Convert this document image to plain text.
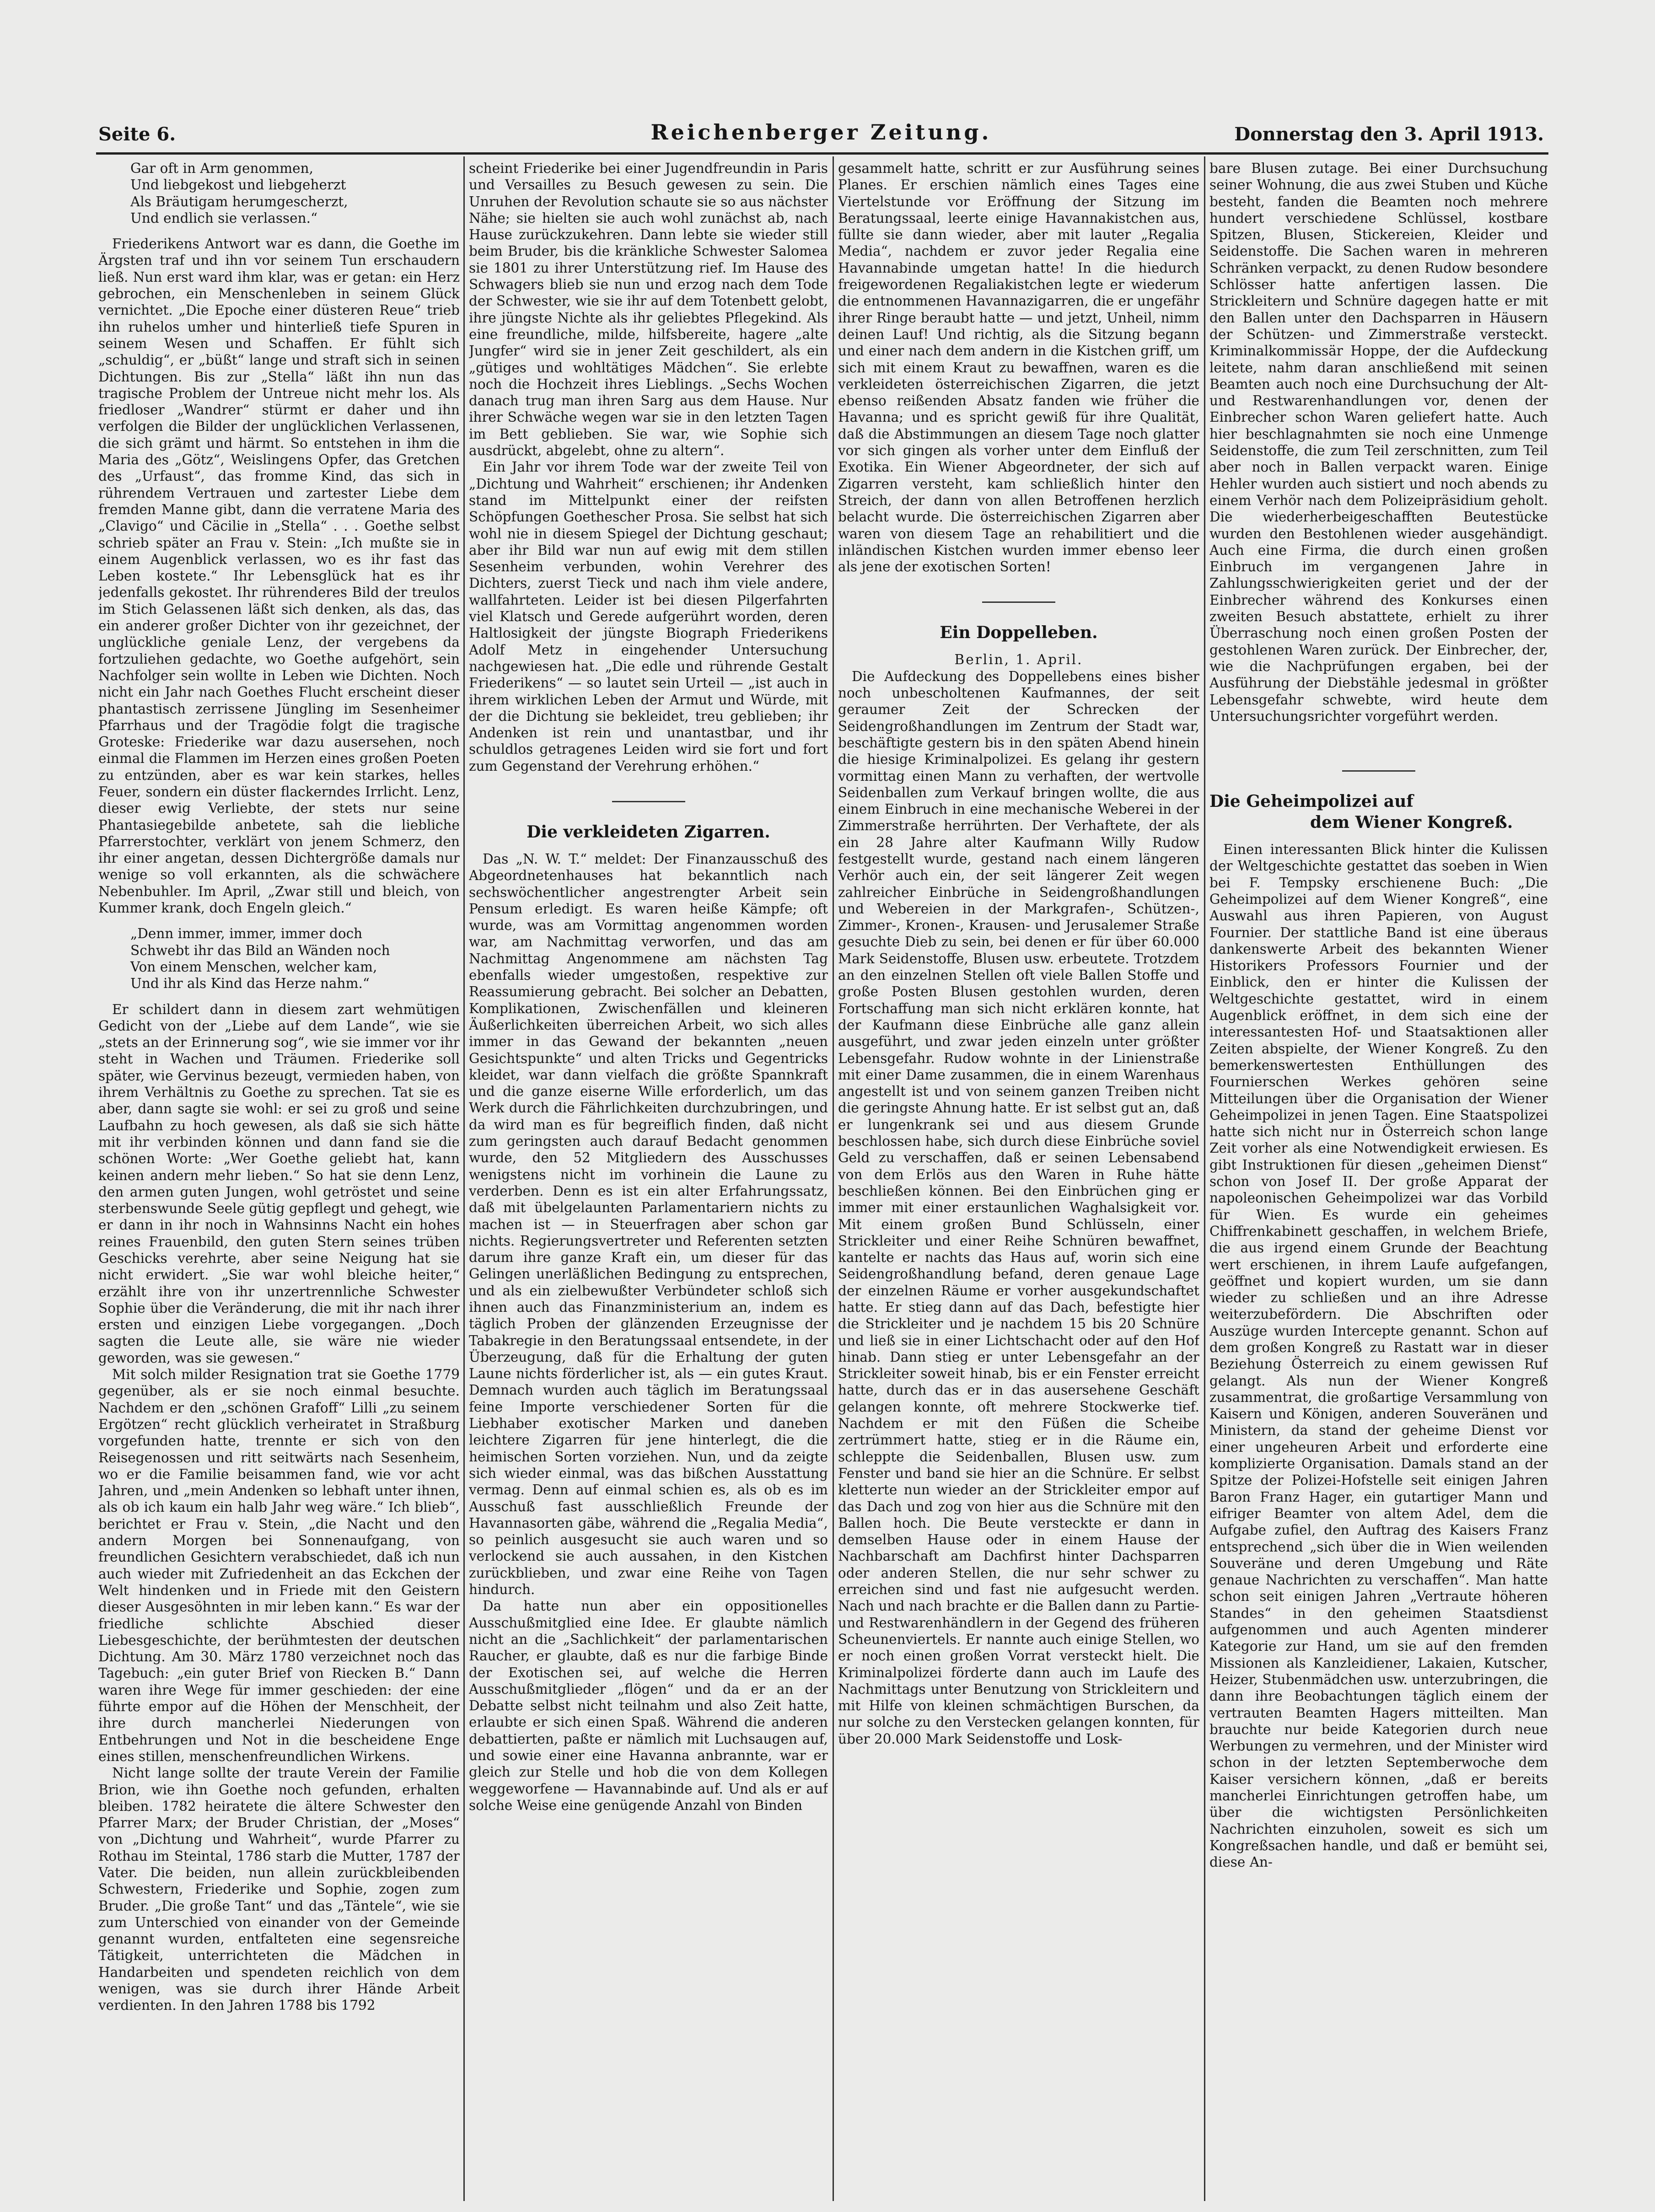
Seite 6.	Reichenberger Zeitung.	Donnerstag den 3. April 1913.
Gar oft in Arm genommen,
Und liebgekost und liebgeherzt
Als Bräutigam herumgescherzt,
Und endlich sie verlassen.“

Friederikens Antwort war es dann, die Goethe im Ärgsten traf und ihn vor seinem Tun erschaudern ließ. Nun erst ward ihm klar, was er getan: ein Herz gebrochen, ein Menschenleben in seinem Glück vernichtet. „Die Epoche einer düsteren Reue“ trieb ihn ruhelos umher und hinterließ tiefe Spuren in seinem Wesen und Schaffen. Er fühlt sich „schuldig“, er „büßt“ lange und straft sich in seinen Dichtungen. Bis zur „Stella“ läßt ihn nun das tragische Problem der Untreue nicht mehr los. Als friedloser „Wandrer“ stürmt er daher und ihn verfolgen die Bilder der unglücklichen Verlassenen, die sich grämt und härmt. So entstehen in ihm die Maria des „Götz“, Weislingens Opfer, das Gretchen des „Urfaust“, das fromme Kind, das sich in rührendem Vertrauen und zartester Liebe dem fremden Manne gibt, dann die verratene Maria des „Clavigo“ und Cäcilie in „Stella“ . . . Goethe selbst schrieb später an Frau v. Stein: „Ich mußte sie in einem Augenblick verlassen, wo es ihr fast das Leben kostete.“ Ihr Lebensglück hat es ihr jedenfalls gekostet. Ihr rührenderes Bild der treulos im Stich Gelassenen läßt sich denken, als das, das ein anderer großer Dichter von ihr gezeichnet, der unglückliche geniale Lenz, der vergebens da fortzuliehen gedachte, wo Goethe aufgehört, sein Nachfolger sein wollte in Leben wie Dichten. Noch nicht ein Jahr nach Goethes Flucht erscheint dieser phantastisch zerrissene Jüngling im Sesenheimer Pfarrhaus und der Tragödie folgt die tragische Groteske: Friederike war dazu ausersehen, noch einmal die Flammen im Herzen eines großen Poeten zu entzünden, aber es war kein starkes, helles Feuer, sondern ein düster flackerndes Irrlicht. Lenz, dieser ewig Verliebte, der stets nur seine Phantasiegebilde anbetete, sah die liebliche Pfarrerstochter, verklärt von jenem Schmerz, den ihr einer angetan, dessen Dichtergröße damals nur wenige so voll erkannten, als die schwächere Nebenbuhler. Im April, „Zwar still und bleich, von Kummer krank, doch Engeln gleich.“

„Denn immer, immer, immer doch
Schwebt ihr das Bild an Wänden noch
Von einem Menschen, welcher kam,
Und ihr als Kind das Herze nahm.“

Er schildert dann in diesem zart wehmütigen Gedicht von der „Liebe auf dem Lande“, wie sie „stets an der Erinnerung sog“, wie sie immer vor ihr steht in Wachen und Träumen. Friederike soll später, wie Gervinus bezeugt, vermieden haben, von ihrem Verhältnis zu Goethe zu sprechen. Tat sie es aber, dann sagte sie wohl: er sei zu groß und seine Laufbahn zu hoch gewesen, als daß sie sich hätte mit ihr verbinden können und dann fand sie die schönen Worte: „Wer Goethe geliebt hat, kann keinen andern mehr lieben.“ So hat sie denn Lenz, den armen guten Jungen, wohl getröstet und seine sterbenswunde Seele gütig gepflegt und gehegt, wie er dann in ihr noch in Wahnsinns Nacht ein hohes reines Frauenbild, den guten Stern seines trüben Geschicks verehrte, aber seine Neigung hat sie nicht erwidert. „Sie war wohl bleiche heiter,“ erzählt ihre von ihr unzertrennliche Schwester Sophie über die Veränderung, die mit ihr nach ihrer ersten und einzigen Liebe vorgegangen. „Doch sagten die Leute alle, sie wäre nie wieder geworden, was sie gewesen.“

Mit solch milder Resignation trat sie Goethe 1779 gegenüber, als er sie noch einmal besuchte. Nachdem er den „schönen Grafoff“ Lilli „zu seinem Ergötzen“ recht glücklich verheiratet in Straßburg vorgefunden hatte, trennte er sich von den Reisegenossen und ritt seitwärts nach Sesenheim, wo er die Familie beisammen fand, wie vor acht Jahren, und „mein Andenken so lebhaft unter ihnen, als ob ich kaum ein halb Jahr weg wäre.“ Ich blieb“, berichtet er Frau v. Stein, „die Nacht und den andern Morgen bei Sonnenaufgang, von freundlichen Gesichtern verabschiedet, daß ich nun auch wieder mit Zufriedenheit an das Eckchen der Welt hindenken und in Friede mit den Geistern dieser Ausgesöhnten in mir leben kann.“ Es war der friedliche schlichte Abschied dieser Liebesgeschichte, der berühmtesten der deutschen Dichtung. Am 30. März 1780 verzeichnet noch das Tagebuch: „ein guter Brief von Riecken B.“ Dann waren ihre Wege für immer geschieden: der eine führte empor auf die Höhen der Menschheit, der ihre durch mancherlei Niederungen von Entbehrungen und Not in die bescheidene Enge eines stillen, menschenfreundlichen Wirkens.

Nicht lange sollte der traute Verein der Familie Brion, wie ihn Goethe noch gefunden, erhalten bleiben. 1782 heiratete die ältere Schwester den Pfarrer Marx; der Bruder Christian, der „Moses“ von „Dichtung und Wahrheit“, wurde Pfarrer zu Rothau im Steintal, 1786 starb die Mutter, 1787 der Vater. Die beiden, nun allein zurückbleibenden Schwestern, Friederike und Sophie, zogen zum Bruder. „Die große Tant“ und das „Täntele“, wie sie zum Unterschied von einander von der Gemeinde genannt wurden, entfalteten eine segensreiche Tätigkeit, unterrichteten die Mädchen in Handarbeiten und spendeten reichlich von dem wenigen, was sie durch ihrer Hände Arbeit verdienten. In den Jahren 1788 bis 1792

scheint Friederike bei einer Jugendfreundin in Paris und Versailles zu Besuch gewesen zu sein. Die Unruhen der Revolution schaute sie so aus nächster Nähe; sie hielten sie auch wohl zunächst ab, nach Hause zurückzukehren. Dann lebte sie wieder still beim Bruder, bis die kränkliche Schwester Salomea sie 1801 zu ihrer Unterstützung rief. Im Hause des Schwagers blieb sie nun und erzog nach dem Tode der Schwester, wie sie ihr auf dem Totenbett gelobt, ihre jüngste Nichte als ihr geliebtes Pflegekind. Als eine freundliche, milde, hilfsbereite, hagere „alte Jungfer“ wird sie in jener Zeit geschildert, als ein „gütiges und wohltätiges Mädchen“. Sie erlebte noch die Hochzeit ihres Lieblings. „Sechs Wochen danach trug man ihren Sarg aus dem Hause. Nur ihrer Schwäche wegen war sie in den letzten Tagen im Bett geblieben. Sie war, wie Sophie sich ausdrückt, abgelebt, ohne zu altern“.

Ein Jahr vor ihrem Tode war der zweite Teil von „Dichtung und Wahrheit“ erschienen; ihr Andenken stand im Mittelpunkt einer der reifsten Schöpfungen Goethescher Prosa. Sie selbst hat sich wohl nie in diesem Spiegel der Dichtung geschaut; aber ihr Bild war nun auf ewig mit dem stillen Sesenheim verbunden, wohin Verehrer des Dichters, zuerst Tieck und nach ihm viele andere, wallfahrteten. Leider ist bei diesen Pilgerfahrten viel Klatsch und Gerede aufgerührt worden, deren Haltlosigkeit der jüngste Biograph Friederikens Adolf Metz in eingehender Untersuchung nachgewiesen hat. „Die edle und rührende Gestalt Friederikens“ — so lautet sein Urteil — „ist auch in ihrem wirklichen Leben der Armut und Würde, mit der die Dichtung sie bekleidet, treu geblieben; ihr Andenken ist rein und unantastbar, und ihr schuldlos getragenes Leiden wird sie fort und fort zum Gegenstand der Verehrung erhöhen.“

Die verkleideten Zigarren.

Das „N. W. T.“ meldet: Der Finanzausschuß des Abgeordnetenhauses hat bekanntlich nach sechswöchentlicher angestrengter Arbeit sein Pensum erledigt. Es waren heiße Kämpfe; oft wurde, was am Vormittag angenommen worden war, am Nachmittag verworfen, und das am Nachmittag Angenommene am nächsten Tag ebenfalls wieder umgestoßen, respektive zur Reassumierung gebracht. Bei solcher an Debatten, Komplikationen, Zwischenfällen und kleineren Äußerlichkeiten überreichen Arbeit, wo sich alles immer in das Gewand der bekannten „neuen Gesichtspunkte“ und alten Tricks und Gegentricks kleidet, war dann vielfach die größte Spannkraft und die ganze eiserne Wille erforderlich, um das Werk durch die Fährlichkeiten durchzubringen, und da wird man es für begreiflich finden, daß nicht zum geringsten auch darauf Bedacht genommen wurde, den 52 Mitgliedern des Ausschusses wenigstens nicht im vorhinein die Laune zu verderben. Denn es ist ein alter Erfahrungssatz, daß mit übelgelaunten Parlamentariern nichts zu machen ist — in Steuerfragen aber schon gar nichts. Regierungsvertreter und Referenten setzten darum ihre ganze Kraft ein, um dieser für das Gelingen unerläßlichen Bedingung zu entsprechen, und als ein zielbewußter Verbündeter schloß sich ihnen auch das Finanzministerium an, indem es täglich Proben der glänzenden Erzeugnisse der Tabakregie in den Beratungssaal entsendete, in der Überzeugung, daß für die Erhaltung der guten Laune nichts förderlicher ist, als — ein gutes Kraut. Demnach wurden auch täglich im Beratungssaal feine Importe verschiedener Sorten für die Liebhaber exotischer Marken und daneben leichtere Zigarren für jene hinterlegt, die die heimischen Sorten vorziehen. Nun, und da zeigte sich wieder einmal, was das bißchen Ausstattung vermag. Denn auf einmal schien es, als ob es im Ausschuß fast ausschließlich Freunde der Havannasorten gäbe, während die „Regalia Media“, so peinlich ausgesucht sie auch waren und so verlockend sie auch aussahen, in den Kistchen zurückblieben, und zwar eine Reihe von Tagen hindurch.

Da hatte nun aber ein oppositionelles Ausschußmitglied eine Idee. Er glaubte nämlich nicht an die „Sachlichkeit“ der parlamentarischen Raucher, er glaubte, daß es nur die farbige Binde der Exotischen sei, auf welche die Herren Ausschußmitglieder „flögen“ und da er an der Debatte selbst nicht teilnahm und also Zeit hatte, erlaubte er sich einen Spaß. Während die anderen debattierten, paßte er nämlich mit Luchsaugen auf, und sowie einer eine Havanna anbrannte, war er gleich zur Stelle und hob die von dem Kollegen weggeworfene — Havannabinde auf. Und als er auf solche Weise eine genügende Anzahl von Binden

gesammelt hatte, schritt er zur Ausführung seines Planes. Er erschien nämlich eines Tages eine Viertelstunde vor Eröffnung der Sitzung im Beratungssaal, leerte einige Havannakistchen aus, füllte sie dann wieder, aber mit lauter „Regalia Media“, nachdem er zuvor jeder Regalia eine Havannabinde umgetan hatte! In die hiedurch freigewordenen Regaliakistchen legte er wiederum die entnommenen Havannazigarren, die er ungefähr ihrer Ringe beraubt hatte — und jetzt, Unheil, nimm deinen Lauf! Und richtig, als die Sitzung begann und einer nach dem andern in die Kistchen griff, um sich mit einem Kraut zu bewaffnen, waren es die verkleideten österreichischen Zigarren, die jetzt ebenso reißenden Absatz fanden wie früher die Havanna; und es spricht gewiß für ihre Qualität, daß die Abstimmungen an diesem Tage noch glatter vor sich gingen als vorher unter dem Einfluß der Exotika. Ein Wiener Abgeordneter, der sich auf Zigarren versteht, kam schließlich hinter den Streich, der dann von allen Betroffenen herzlich belacht wurde. Die österreichischen Zigarren aber waren von diesem Tage an rehabilitiert und die inländischen Kistchen wurden immer ebenso leer als jene der exotischen Sorten!

Ein Doppelleben.

Berlin, 1. April.

Die Aufdeckung des Doppellebens eines bisher noch unbescholtenen Kaufmannes, der seit geraumer Zeit der Schrecken der Seidengroßhandlungen im Zentrum der Stadt war, beschäftigte gestern bis in den späten Abend hinein die hiesige Kriminalpolizei. Es gelang ihr gestern vormittag einen Mann zu verhaften, der wertvolle Seidenballen zum Verkauf bringen wollte, die aus einem Einbruch in eine mechanische Weberei in der Zimmerstraße herrührten. Der Verhaftete, der als ein 28 Jahre alter Kaufmann Willy Rudow festgestellt wurde, gestand nach einem längeren Verhör auch ein, der seit längerer Zeit wegen zahlreicher Einbrüche in Seidengroßhandlungen und Webereien in der Markgrafen-, Schützen-, Zimmer-, Kronen-, Krausen- und Jerusalemer Straße gesuchte Dieb zu sein, bei denen er für über 60.000 Mark Seidenstoffe, Blusen usw. erbeutete. Trotzdem an den einzelnen Stellen oft viele Ballen Stoffe und große Posten Blusen gestohlen wurden, deren Fortschaffung man sich nicht erklären konnte, hat der Kaufmann diese Einbrüche alle ganz allein ausgeführt, und zwar jeden einzeln unter größter Lebensgefahr. Rudow wohnte in der Linienstraße mit einer Dame zusammen, die in einem Warenhaus angestellt ist und von seinem ganzen Treiben nicht die geringste Ahnung hatte. Er ist selbst gut an, daß er lungenkrank sei und aus diesem Grunde beschlossen habe, sich durch diese Einbrüche soviel Geld zu verschaffen, daß er seinen Lebensabend von dem Erlös aus den Waren in Ruhe hätte beschließen können. Bei den Einbrüchen ging er immer mit einer erstaunlichen Waghalsigkeit vor. Mit einem großen Bund Schlüsseln, einer Strickleiter und einer Reihe Schnüren bewaffnet, kantelte er nachts das Haus auf, worin sich eine Seidengroßhandlung befand, deren genaue Lage der einzelnen Räume er vorher ausgekundschaftet hatte. Er stieg dann auf das Dach, befestigte hier die Strickleiter und je nachdem 15 bis 20 Schnüre und ließ sie in einer Lichtschacht oder auf den Hof hinab. Dann stieg er unter Lebensgefahr an der Strickleiter soweit hinab, bis er ein Fenster erreicht hatte, durch das er in das ausersehene Geschäft gelangen konnte, oft mehrere Stockwerke tief. Nachdem er mit den Füßen die Scheibe zertrümmert hatte, stieg er in die Räume ein, schleppte die Seidenballen, Blusen usw. zum Fenster und band sie hier an die Schnüre. Er selbst kletterte nun wieder an der Strickleiter empor auf das Dach und zog von hier aus die Schnüre mit den Ballen hoch. Die Beute versteckte er dann in demselben Hause oder in einem Hause der Nachbarschaft am Dachfirst hinter Dachsparren oder anderen Stellen, die nur sehr schwer zu erreichen sind und fast nie aufgesucht werden. Nach und nach brachte er die Ballen dann zu Partie- und Restwarenhändlern in der Gegend des früheren Scheunenviertels. Er nannte auch einige Stellen, wo er noch einen großen Vorrat versteckt hielt. Die Kriminalpolizei förderte dann auch im Laufe des Nachmittags unter Benutzung von Strickleitern und mit Hilfe von kleinen schmächtigen Burschen, da nur solche zu den Verstecken gelangen konnten, für über 20.000 Mark Seidenstoffe und Losk-

bare Blusen zutage. Bei einer Durchsuchung seiner Wohnung, die aus zwei Stuben und Küche besteht, fanden die Beamten noch mehrere hundert verschiedene Schlüssel, kostbare Spitzen, Blusen, Stickereien, Kleider und Seidenstoffe. Die Sachen waren in mehreren Schränken verpackt, zu denen Rudow besondere Schlösser hatte anfertigen lassen. Die Strickleitern und Schnüre dagegen hatte er mit den Ballen unter den Dachsparren in Häusern der Schützen- und Zimmerstraße versteckt. Kriminalkommissär Hoppe, der die Aufdeckung leitete, nahm daran anschließend mit seinen Beamten auch noch eine Durchsuchung der Alt- und Restwarenhandlungen vor, denen der Einbrecher schon Waren geliefert hatte. Auch hier beschlagnahmten sie noch eine Unmenge Seidenstoffe, die zum Teil zerschnitten, zum Teil aber noch in Ballen verpackt waren. Einige Hehler wurden auch sistiert und noch abends zu einem Verhör nach dem Polizeipräsidium geholt. Die wiederherbeigeschafften Beutestücke wurden den Bestohlenen wieder ausgehändigt. Auch eine Firma, die durch einen großen Einbruch im vergangenen Jahre in Zahlungsschwierigkeiten geriet und der der Einbrecher während des Konkurses einen zweiten Besuch abstattete, erhielt zu ihrer Überraschung noch einen großen Posten der gestohlenen Waren zurück. Der Einbrecher, der, wie die Nachprüfungen ergaben, bei der Ausführung der Diebstähle jedesmal in größter Lebensgefahr schwebte, wird heute dem Untersuchungsrichter vorgeführt werden.

Die Geheimpolizei auf
dem Wiener Kongreß.

Einen interessanten Blick hinter die Kulissen der Weltgeschichte gestattet das soeben in Wien bei F. Tempsky erschienene Buch: „Die Geheimpolizei auf dem Wiener Kongreß“, eine Auswahl aus ihren Papieren, von August Fournier. Der stattliche Band ist eine überaus dankenswerte Arbeit des bekannten Wiener Historikers Professors Fournier und der Einblick, den er hinter die Kulissen der Weltgeschichte gestattet, wird in einem Augenblick eröffnet, in dem sich eine der interessantesten Hof- und Staatsaktionen aller Zeiten abspielte, der Wiener Kongreß. Zu den bemerkenswertesten Enthüllungen des Fournierschen Werkes gehören seine Mitteilungen über die Organisation der Wiener Geheimpolizei in jenen Tagen. Eine Staatspolizei hatte sich nicht nur in Österreich schon lange Zeit vorher als eine Notwendigkeit erwiesen. Es gibt Instruktionen für diesen „geheimen Dienst“ schon von Josef II. Der große Apparat der napoleonischen Geheimpolizei war das Vorbild für Wien. Es wurde ein geheimes Chiffrenkabinett geschaffen, in welchem Briefe, die aus irgend einem Grunde der Beachtung wert erschienen, in ihrem Laufe aufgefangen, geöffnet und kopiert wurden, um sie dann wieder zu schließen und an ihre Adresse weiterzubefördern. Die Abschriften oder Auszüge wurden Intercepte genannt. Schon auf dem großen Kongreß zu Rastatt war in dieser Beziehung Österreich zu einem gewissen Ruf gelangt. Als nun der Wiener Kongreß zusammentrat, die großartige Versammlung von Kaisern und Königen, anderen Souveränen und Ministern, da stand der geheime Dienst vor einer ungeheuren Arbeit und erforderte eine komplizierte Organisation. Damals stand an der Spitze der Polizei-Hofstelle seit einigen Jahren Baron Franz Hager, ein gutartiger Mann und eifriger Beamter von altem Adel, dem die Aufgabe zufiel, den Auftrag des Kaisers Franz entsprechend „sich über die in Wien weilenden Souveräne und deren Umgebung und Räte genaue Nachrichten zu verschaffen“. Man hatte schon seit einigen Jahren „Vertraute höheren Standes“ in den geheimen Staatsdienst aufgenommen und auch Agenten minderer Kategorie zur Hand, um sie auf den fremden Missionen als Kanzleidiener, Lakaien, Kutscher, Heizer, Stubenmädchen usw. unterzubringen, die dann ihre Beobachtungen täglich einem der vertrauten Beamten Hagers mitteilten. Man brauchte nur beide Kategorien durch neue Werbungen zu vermehren, und der Minister wird schon in der letzten Septemberwoche dem Kaiser versichern können, „daß er bereits mancherlei Einrichtungen getroffen habe, um über die wichtigsten Persönlichkeiten Nachrichten einzuholen, soweit es sich um Kongreßsachen handle, und daß er bemüht sei, diese An-
